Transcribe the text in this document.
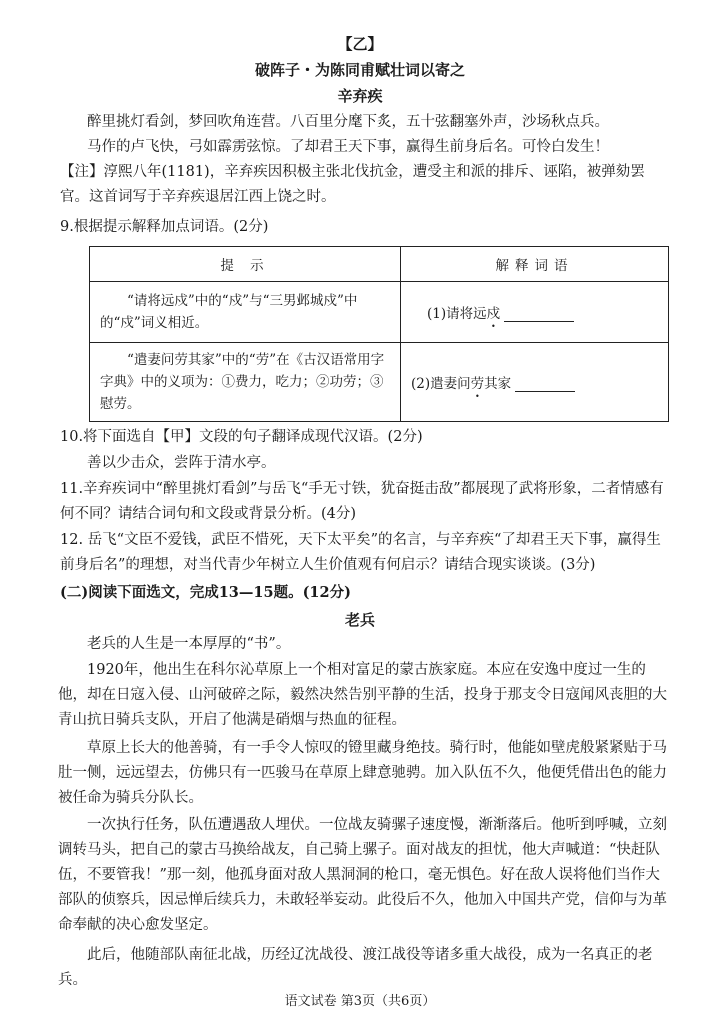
【乙】
破阵子・为陈同甫赋壮词以寄之
辛弃疾
醉里挑灯看剑，梦回吹角连营。八百里分麾下炙，五十弦翻塞外声，沙场秋点兵。
马作的卢飞快，弓如霹雳弦惊。了却君王天下事，赢得生前身后名。可怜白发生！
【注】淳熙八年(1181)，辛弃疾因积极主张北伐抗金，遭受主和派的排斥、诬陷，被弹劾罢官。这首词写于辛弃疾退居江西上饶之时。
9.根据提示解释加点词语。(2分)
提 示	解释词语
“请将远戍”中的“戍”与“三男邺城戍”中的“戍”词义相近。	(1)请将远戍
“遣妻问劳其家”中的“劳”在《古汉语常用字字典》中的义项为：①费力，吃力；②功劳；③慰劳。	(2)遣妻问劳其家
10.将下面选自【甲】文段的句子翻译成现代汉语。(2分)
善以少击众，尝阵于清水亭。
11.辛弃疾词中“醉里挑灯看剑”与岳飞“手无寸铁，犹奋挺击敌”都展现了武将形象，二者情感有何不同？请结合词句和文段或背景分析。(4分)
12. 岳飞“文臣不爱钱，武臣不惜死，天下太平矣”的名言，与辛弃疾“了却君王天下事，赢得生前身后名”的理想，对当代青少年树立人生价值观有何启示？请结合现实谈谈。(3分)
(二)阅读下面选文，完成13—15题。(12分)
老兵
老兵的人生是一本厚厚的“书”。
1920年，他出生在科尔沁草原上一个相对富足的蒙古族家庭。本应在安逸中度过一生的他，却在日寇入侵、山河破碎之际，毅然决然告别平静的生活，投身于那支令日寇闻风丧胆的大青山抗日骑兵支队，开启了他满是硝烟与热血的征程。
草原上长大的他善骑，有一手令人惊叹的镫里藏身绝技。骑行时，他能如壁虎般紧紧贴于马肚一侧，远远望去，仿佛只有一匹骏马在草原上肆意驰骋。加入队伍不久，他便凭借出色的能力被任命为骑兵分队长。
一次执行任务，队伍遭遇敌人埋伏。一位战友骑骡子速度慢，渐渐落后。他听到呼喊，立刻调转马头，把自己的蒙古马换给战友，自己骑上骡子。面对战友的担忧，他大声喊道：“快赶队伍，不要管我！”那一刻，他孤身面对敌人黑洞洞的枪口，毫无惧色。好在敌人误将他们当作大部队的侦察兵，因忌惮后续兵力，未敢轻举妄动。此役后不久，他加入中国共产党，信仰与为革命奉献的决心愈发坚定。
此后，他随部队南征北战，历经辽沈战役、渡江战役等诸多重大战役，成为一名真正的老兵。
语文试卷 第3页（共6页）
